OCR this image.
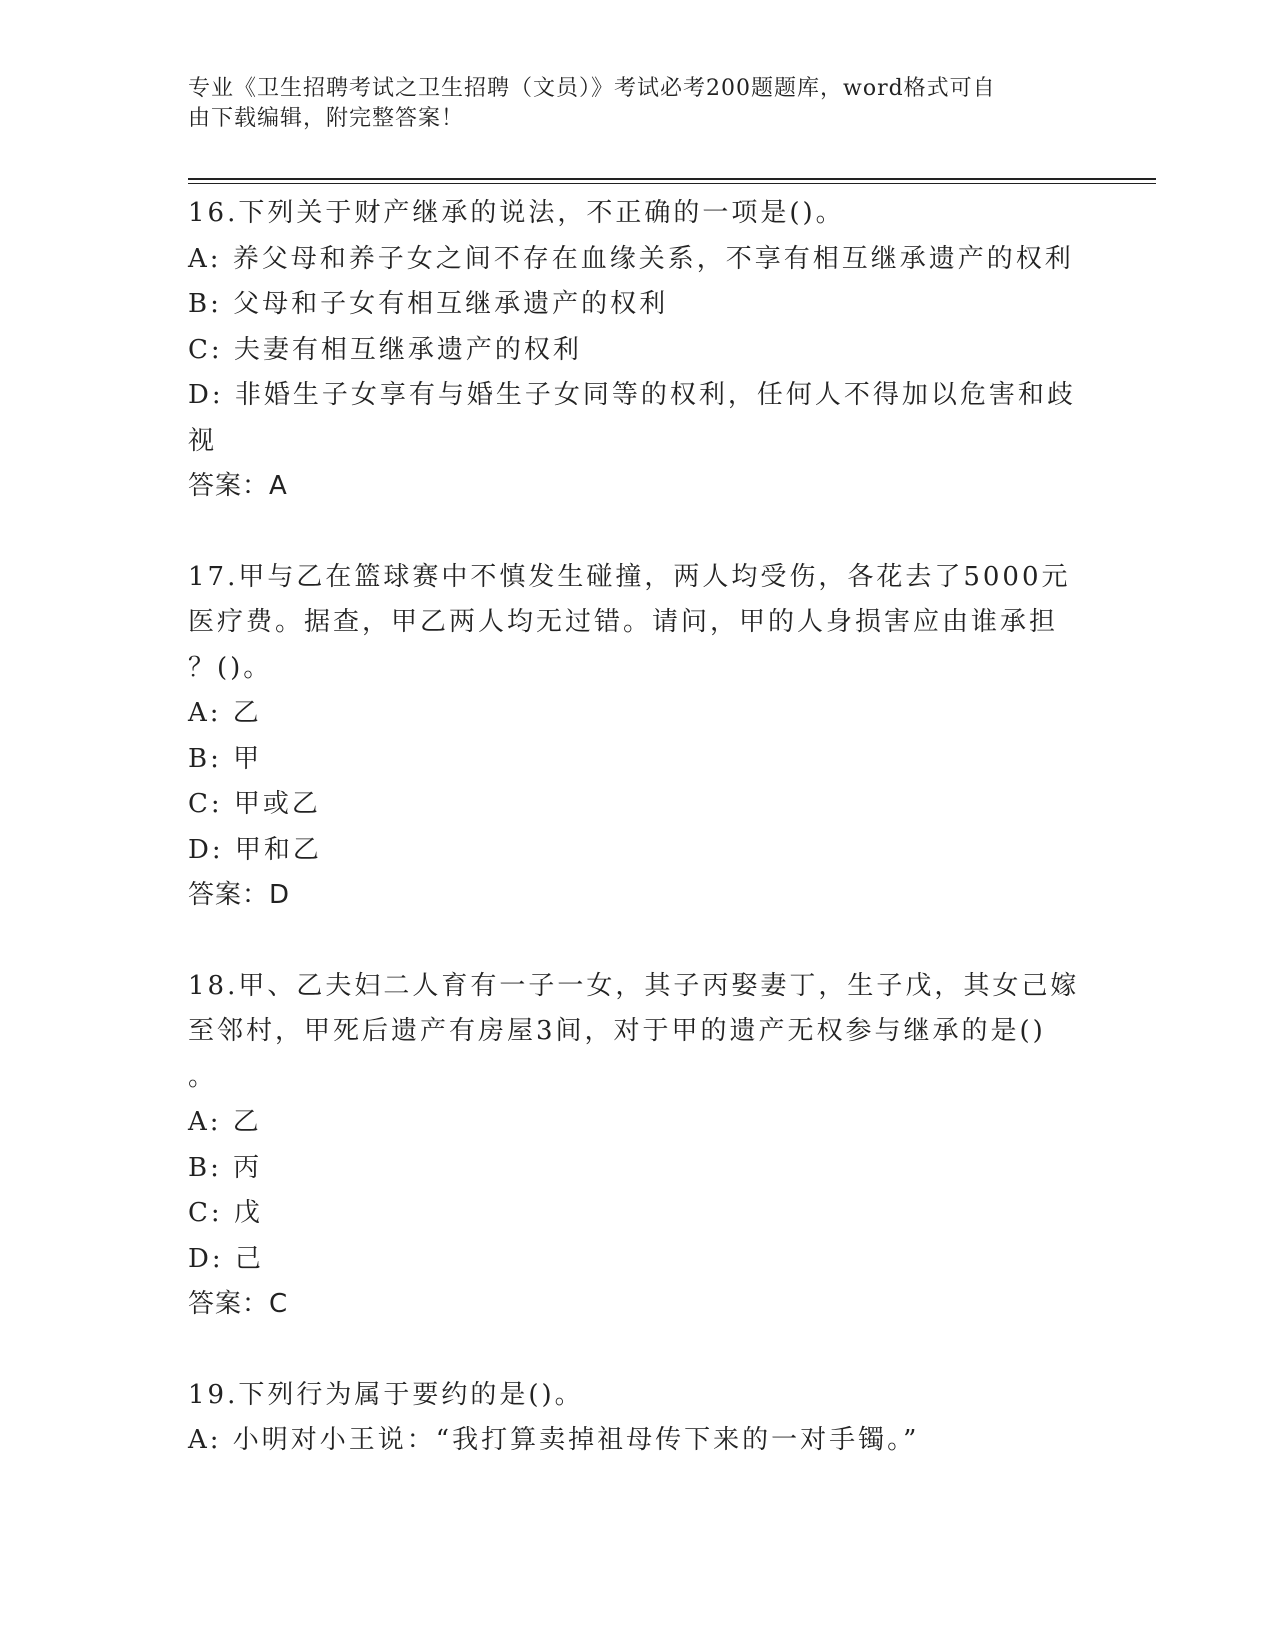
专业《卫生招聘考试之卫生招聘（文员）》考试必考200题题库，word格式可自
由下载编辑，附完整答案！

16.下列关于财产继承的说法，不正确的一项是()。

A: 养父母和养子女之间不存在血缘关系，不享有相互继承遗产的权利

B: 父母和子女有相互继承遗产的权利

C: 夫妻有相互继承遗产的权利

D: 非婚生子女享有与婚生子女同等的权利，任何人不得加以危害和歧

视

答案：A

17.甲与乙在篮球赛中不慎发生碰撞，两人均受伤，各花去了5000元

医疗费。据查，甲乙两人均无过错。请问，甲的人身损害应由谁承担

？()。

A: 乙

B: 甲

C: 甲或乙

D: 甲和乙

答案：D

18.甲、乙夫妇二人育有一子一女，其子丙娶妻丁，生子戊，其女己嫁

至邻村，甲死后遗产有房屋3间，对于甲的遗产无权参与继承的是()

。

A: 乙

B: 丙

C: 戊

D: 己

答案：C

19.下列行为属于要约的是()。

A: 小明对小王说：“我打算卖掉祖母传下来的一对手镯。”
